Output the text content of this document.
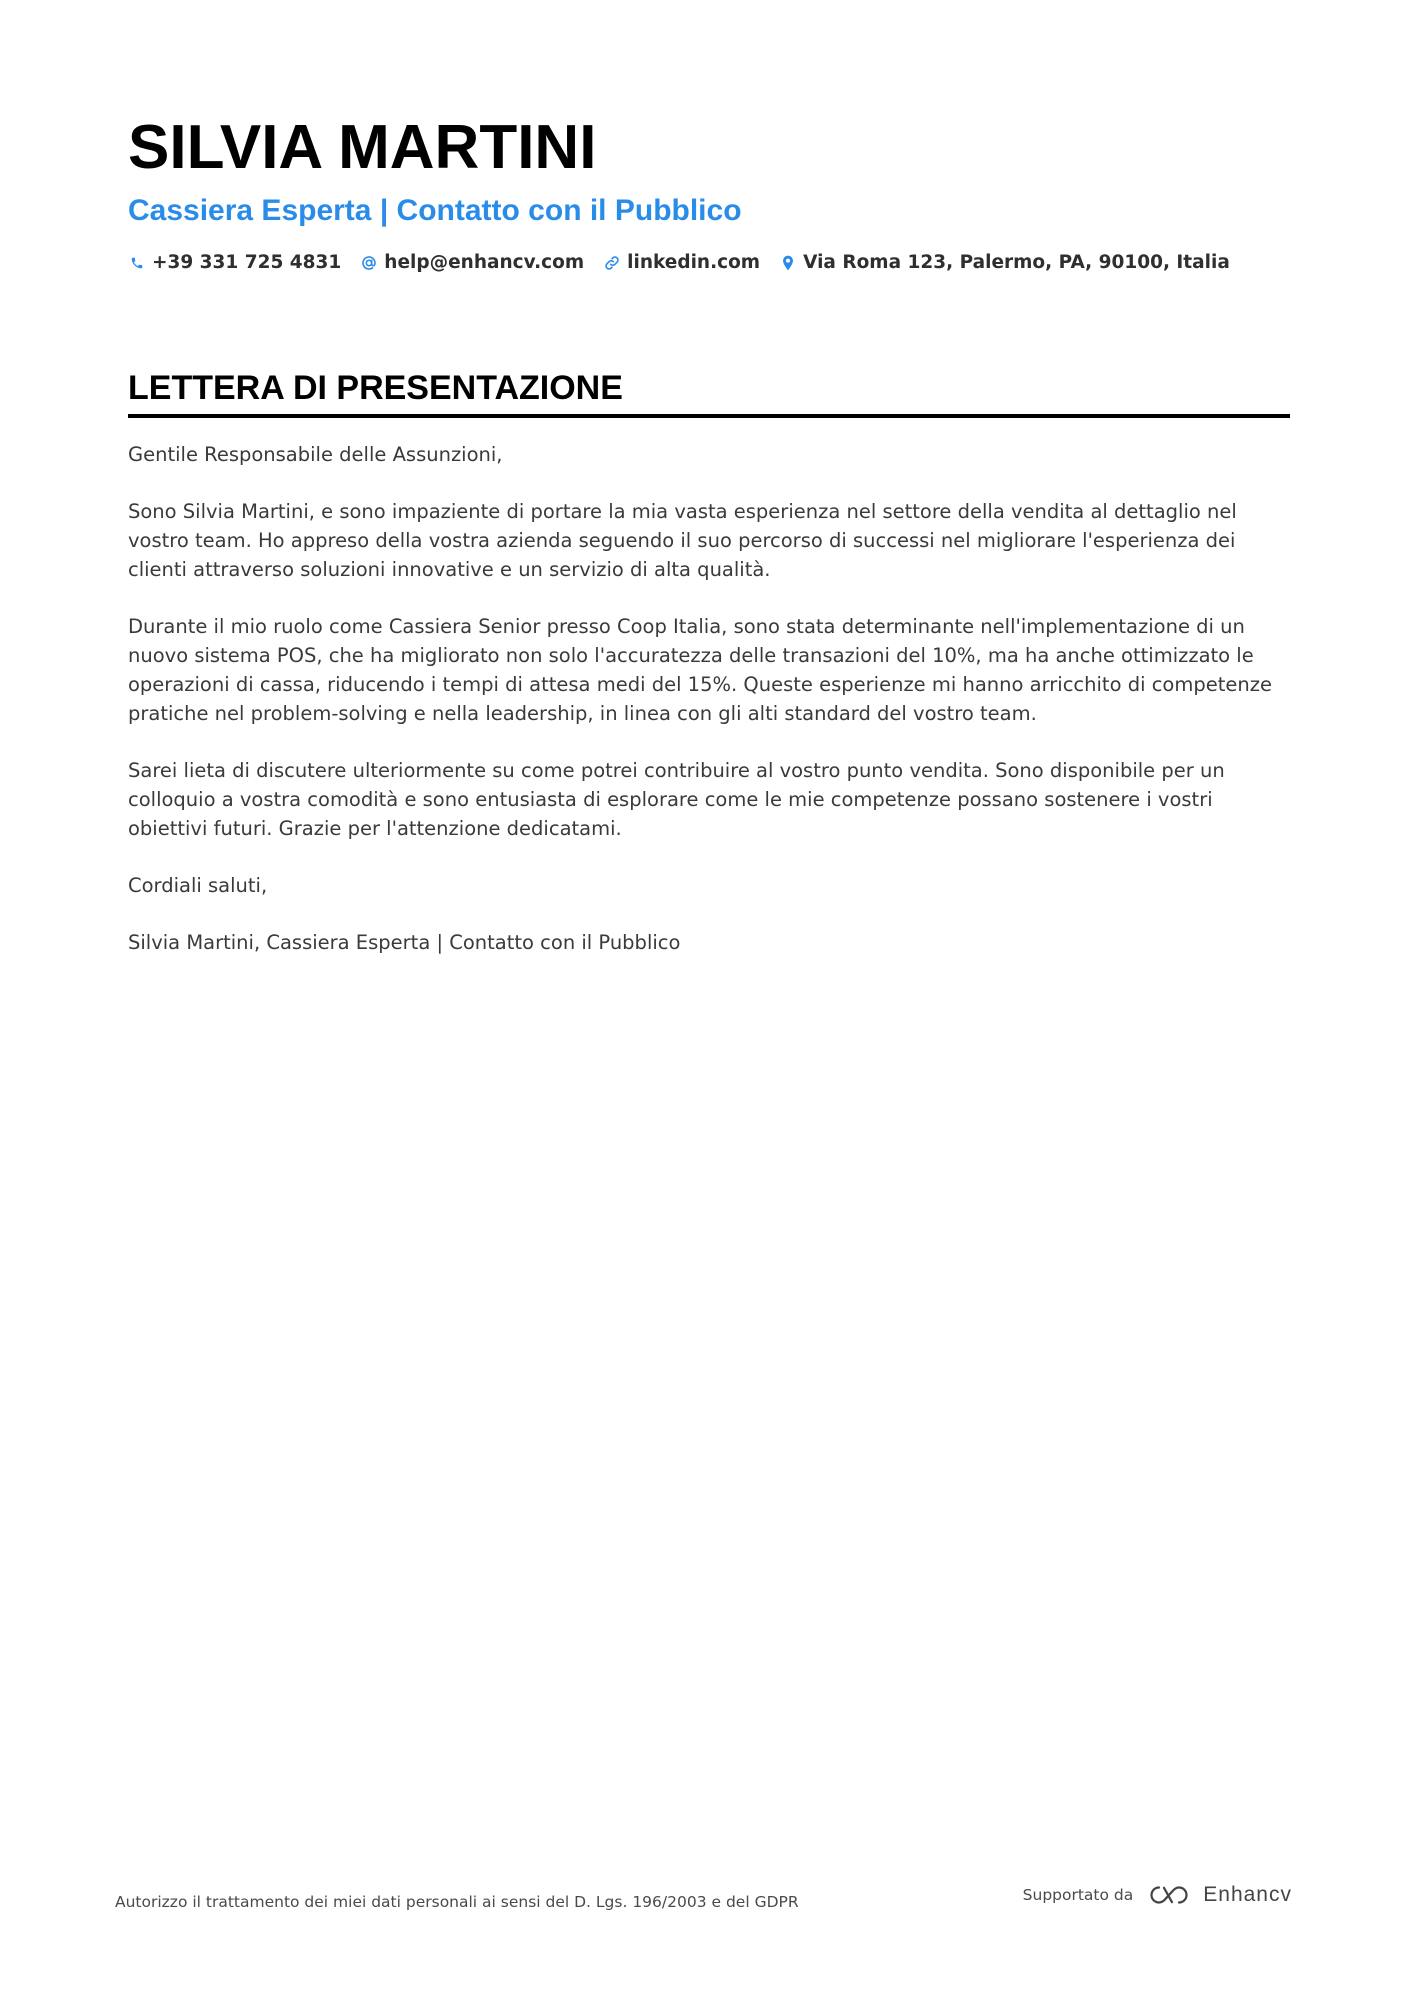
SILVIA MARTINI
Cassiera Esperta | Contatto con il Pubblico
+39 331 725 4831 help@enhancv.com linkedin.com Via Roma 123, Palermo, PA, 90100, Italia
LETTERA DI PRESENTAZIONE

Gentile Responsabile delle Assunzioni,

Sono Silvia Martini, e sono impaziente di portare la mia vasta esperienza nel settore della vendita al dettaglio nel vostro team. Ho appreso della vostra azienda seguendo il suo percorso di successi nel migliorare l'esperienza dei clienti attraverso soluzioni innovative e un servizio di alta qualità.

Durante il mio ruolo come Cassiera Senior presso Coop Italia, sono stata determinante nell'implementazione di un nuovo sistema POS, che ha migliorato non solo l'accuratezza delle transazioni del 10%, ma ha anche ottimizzato le operazioni di cassa, riducendo i tempi di attesa medi del 15%. Queste esperienze mi hanno arricchito di competenze pratiche nel problem-solving e nella leadership, in linea con gli alti standard del vostro team.

Sarei lieta di discutere ulteriormente su come potrei contribuire al vostro punto vendita. Sono disponibile per un colloquio a vostra comodità e sono entusiasta di esplorare come le mie competenze possano sostenere i vostri obiettivi futuri. Grazie per l'attenzione dedicatami.

Cordiali saluti,

Silvia Martini, Cassiera Esperta | Contatto con il Pubblico

Autorizzo il trattamento dei miei dati personali ai sensi del D. Lgs. 196/2003 e del GDPR	Supportato da	Enhancv
